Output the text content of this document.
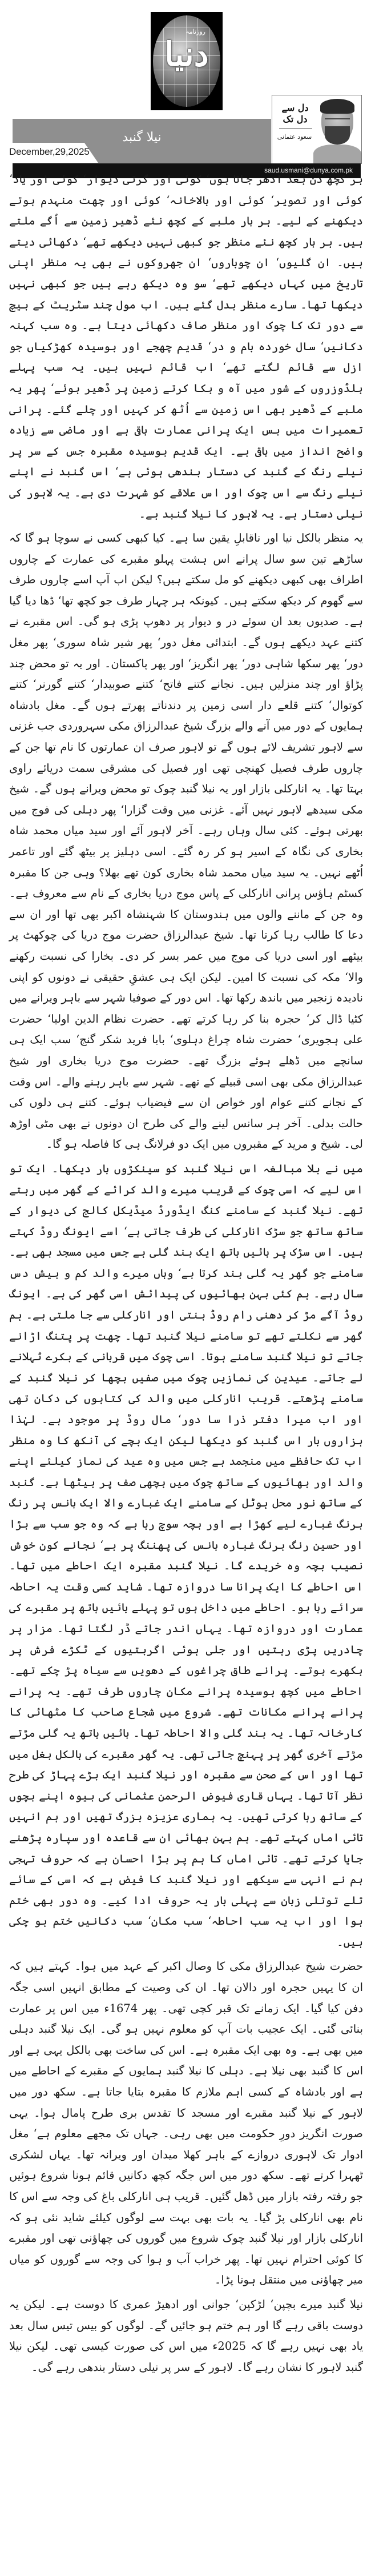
روزنامہ
دنیا
نیلا گنبد
December,29,2025
دل سے دل تک
سعود عثمانی
saud.usmani@dunya.com.pk

ہر کچھ دن بعد ادھر جاتا ہوں‘ کوئی اور گرتی دیوار‘ کوئی اور یاد‘ کوئی اور تصویر‘ کوئی اور بالاخانہ‘ کوئی اور چھت منہدم ہوتے دیکھنے کے لیے۔ ہر بار ملبے کے کچھ نئے ڈھیر زمین سے اُگے ملتے ہیں۔ ہر بار کچھ نئے منظر جو کبھی نہیں دیکھے تھے‘ دکھائی دیتے ہیں۔ ان گلیوں‘ ان چوباروں‘ ان جھروکوں نے بھی یہ منظر اپنی تاریخ میں کہاں دیکھے تھے‘ سو وہ دیکھ رہے ہیں جو کبھی نہیں دیکھا تھا۔ سارے منظر بدل گئے ہیں۔ اب مول چند سٹریٹ کے بیچ سے دور تک کا چوک اور منظر صاف دکھائی دیتا ہے۔ وہ سب کہنہ دکانیں‘ سال خوردہ بام و در‘ قدیم چھجے اور بوسیدہ کھڑکیاں جو ازل سے قائم لگتے تھے‘ اب قائم نہیں ہیں۔ یہ سب پہلے بلڈوزروں کے شور میں آہ و بکا کرتے زمین پر ڈھیر ہوئے‘ پھر یہ ملبے کے ڈھیر بھی اس زمین سے اُٹھ کر کہیں اور چلے گئے۔ پرانی تعمیرات میں بس ایک پرانی عمارت باقی ہے اور ماضی سے زیادہ واضح انداز میں باقی ہے۔ ایک قدیم بوسیدہ مقبرہ جس کے سر پر نیلے رنگ کے گنبد کی دستار بندھی ہوئی ہے‘ اس گنبد نے اپنے نیلے رنگ سے اس چوک اور اس علاقے کو شہرت دی ہے۔ یہ لاہور کی نیلی دستار ہے۔ یہ لاہور کا نیلا گنبد ہے۔

یہ منظر بالکل نیا اور ناقابلِ یقین سا ہے۔ کیا کبھی کسی نے سوچا ہو گا کہ ساڑھے تین سو سال پرانے اس ہشت پہلو مقبرے کی عمارت کے چاروں اطراف بھی کبھی دیکھنے کو مل سکتے ہیں؟ لیکن اب آپ اسے چاروں طرف سے گھوم کر دیکھ سکتے ہیں۔ کیونکہ ہر چہار طرف جو کچھ تھا‘ ڈھا دیا گیا ہے۔ صدیوں بعد ان سوئے در و دیوار پر دھوپ پڑی ہو گی۔ اس مقبرے نے کتنے عہد دیکھے ہوں گے۔ ابتدائی مغل دور‘ پھر شیر شاہ سوری‘ پھر مغل دور‘ پھر سکھا شاہی دور‘ پھر انگریز‘ اور پھر پاکستان۔ اور یہ تو محض چند پڑاؤ اور چند منزلیں ہیں۔ نجانے کتنے فاتح‘ کتنے صوبیدار‘ کتنے گورنر‘ کتنے کوتوال‘ کتنے قلعے دار اسی زمین پر دندناتے پھرتے ہوں گے۔ مغل بادشاہ ہمایوں کے دور میں آنے والے بزرگ شیخ عبدالرزاق مکی سہروردی جب غزنی سے لاہور تشریف لائے ہوں گے تو لاہور صرف ان عمارتوں کا نام تھا جن کے چاروں طرف فصیل کھنچی تھی اور فصیل کی مشرقی سمت دریائے راوی بہتا تھا۔ یہ انارکلی بازار اور یہ نیلا گنبد چوک تو محض ویرانے ہوں گے۔ شیخ مکی سیدھے لاہور نہیں آئے۔ غزنی میں وقت گزارا‘ پھر دہلی کی فوج میں بھرتی ہوئے۔ کئی سال وہاں رہے۔ آخر لاہور آئے اور سید میاں محمد شاہ بخاری کی نگاہ کے اسیر ہو کر رہ گئے۔ اسی دہلیز پر بیٹھ گئے اور تاعمر اُٹھے نہیں۔ یہ سید میاں محمد شاہ بخاری کون تھے بھلا؟ وہی جن کا مقبرہ کسٹم ہاؤس پرانی انارکلی کے پاس موج دریا بخاری کے نام سے معروف ہے۔ وہ جن کے ماننے والوں میں ہندوستان کا شہنشاہ اکبر بھی تھا اور ان سے دعا کا طالب رہا کرتا تھا۔ شیخ عبدالرزاق حضرت موج دریا کی چوکھٹ پر بیٹھے اور اسی دریا کی موج میں عمر بسر کر دی۔ بخارا کی نسبت رکھنے والا‘ مکہ کی نسبت کا امین۔ لیکن ایک ہی عشقِ حقیقی نے دونوں کو اپنی نادیدہ زنجیر میں باندھ رکھا تھا۔ اس دور کے صوفیا شہر سے باہر ویرانے میں کٹیا ڈال کر‘ حجرہ بنا کر رہا کرتے تھے۔ حضرت نظام الدین اولیا‘ حضرت علی ہجویری‘ حضرت شاہ چراغ دہلوی‘ بابا فرید شکر گنج‘ سب ایک ہی سانچے میں ڈھلے ہوئے بزرگ تھے۔ حضرت موج دریا بخاری اور شیخ عبدالرزاق مکی بھی اسی قبیلے کے تھے۔ شہر سے باہر رہنے والے۔ اس وقت کے نجانے کتنے عوام اور خواص ان سے فیضیاب ہوئے۔ کتنے ہی دلوں کی حالت بدلی۔ آخر ہر سانس لینے والے کی طرح ان دونوں نے بھی مٹی اوڑھ لی۔ شیخ و مرید کے مقبروں میں ایک دو فرلانگ ہی کا فاصلہ ہو گا۔

میں نے بلا مبالغہ اس نیلا گنبد کو سینکڑوں بار دیکھا۔ ایک تو اس لیے کہ اسی چوک کے قریب میرے والد کرائے کے گھر میں رہتے تھے۔ نیلا گنبد کے سامنے کنگ ایڈورڈ میڈیکل کالج کی دیوار کے ساتھ ساتھ جو سڑک انارکلی کی طرف جاتی ہے‘ اسے ایونگ روڈ کہتے ہیں۔ اس سڑک پر بائیں ہاتھ ایک بند گلی ہے جس میں مسجد بھی ہے۔ سامنے جو گھر یہ گلی بند کرتا ہے‘ وہاں میرے والد کم و بیش دس سال رہے۔ ہم کئی بہن بھائیوں کی پیدائش اسی گھر کی ہے۔ ایونگ روڈ آگے مڑ کر دھنی رام روڈ بنتی اور انارکلی سے جا ملتی ہے۔ ہم گھر سے نکلتے تھے تو سامنے نیلا گنبد تھا۔ چھت پر پتنگ اڑانے جاتے تو نیلا گنبد سامنے ہوتا۔ اسی چوک میں قربانی کے بکرے ٹہلانے لے جاتے۔ عیدین کی نمازیں چوک میں صفیں بچھا کر نیلا گنبد کے سامنے پڑھتے۔ قریب انارکلی میں والد کی کتابوں کی دکان تھی اور اب میرا دفتر ذرا سا دور‘ مال روڈ پر موجود ہے۔ لہٰذا ہزاروں بار اس گنبد کو دیکھا لیکن ایک بچے کی آنکھ کا وہ منظر اب تک حافظے میں منجمد ہے جس میں وہ عید کی نماز کیلئے اپنے والد اور بھائیوں کے ساتھ چوک میں بچھی صف پر بیٹھا ہے۔ گنبد کے ساتھ نور محل ہوٹل کے سامنے ایک غبارے والا ایک بانس پر رنگ برنگ غبارے لیے کھڑا ہے اور بچہ سوچ رہا ہے کہ وہ جو سب سے بڑا اور حسین رنگ برنگ غبارہ بانس کی پھننگ پر ہے‘ نجانے کون خوش نصیب بچہ وہ خریدے گا۔ نیلا گنبد مقبرہ ایک احاطے میں تھا۔ اس احاطے کا ایک پرانا سا دروازہ تھا۔ شاید کسی وقت یہ احاطہ سرائے رہا ہو۔ احاطے میں داخل ہوں تو پہلے بائیں ہاتھ پر مقبرے کی عمارت اور دروازہ تھا۔ یہاں اندر جاتے ڈر لگتا تھا۔ مزار پر چادریں پڑی رہتیں اور جلی ہوئی اگربتیوں کے ٹکڑے فرش پر بکھرے ہوتے۔ پرانے طاق چراغوں کے دھویں سے سیاہ پڑ چکے تھے۔ احاطے میں کچھ بوسیدہ پرانے مکان چاروں طرف تھے۔ یہ پرانے پرانے پرانے مکانات تھے۔ شروع میں شجاع صاحب کا مٹھائی کا کارخانہ تھا۔ یہ بند گلی والا احاطہ تھا۔ بائیں ہاتھ یہ گلی مڑتے مڑتے آخری گھر پر پہنچ جاتی تھی۔ یہ گھر مقبرے کی بالکل بغل میں تھا اور اس کے صحن سے مقبرہ اور نیلا گنبد ایک بڑے پہاڑ کی طرح نظر آتا تھا۔ یہاں قاری فیوض الرحمن عثمانی کی بیوہ اپنے بچوں کے ساتھ رہا کرتی تھیں۔ یہ ہماری عزیزہ بزرگ تھیں اور ہم انہیں تائی اماں کہتے تھے۔ ہم بہن بھائی ان سے قاعدہ اور سپارہ پڑھنے جایا کرتے تھے۔ تائی اماں کا ہم پر بڑا احسان ہے کہ حروف تہجی ہم نے انہی سے سیکھے اور نیلا گنبد کا فیض ہے کہ اسی کے سائے تلے توتلی زبان سے پہلی بار یہ حروف ادا کیے۔ وہ دور بھی ختم ہوا اور اب یہ سب احاطہ‘ سب مکان‘ سب دکانیں ختم ہو چکی ہیں۔

حضرت شیخ عبدالرزاق مکی کا وصال اکبر کے عہد میں ہوا۔ کہتے ہیں کہ ان کا یہیں حجرہ اور دالان تھا۔ ان کی وصیت کے مطابق انہیں اسی جگہ دفن کیا گیا۔ ایک زمانے تک قبر کچی تھی۔ پھر 1674ء میں اس پر عمارت بنائی گئی۔ ایک عجیب بات آپ کو معلوم نہیں ہو گی۔ ایک نیلا گنبد دہلی میں بھی ہے۔ وہ بھی ایک مقبرہ ہے۔ اس کی ساخت بھی بالکل یہی ہے اور اس کا گنبد بھی نیلا ہے۔ دہلی کا نیلا گنبد ہمایوں کے مقبرے کے احاطے میں ہے اور بادشاہ کے کسی اہم ملازم کا مقبرہ بتایا جاتا ہے۔ سکھ دور میں لاہور کے نیلا گنبد مقبرے اور مسجد کا تقدس بری طرح پامال ہوا۔ یہی صورت انگریز دورِ حکومت میں بھی رہی۔ جہاں تک مجھے معلوم ہے‘ مغل ادوار تک لاہوری دروازے کے باہر کھلا میدان اور ویرانہ تھا۔ یہاں لشکری ٹھہرا کرتے تھے۔ سکھ دور میں اس جگہ کچھ دکانیں قائم ہونا شروع ہوئیں جو رفتہ رفتہ بازار میں ڈھل گئیں۔ قریب ہی انارکلی باغ کی وجہ سے اس کا نام بھی انارکلی پڑ گیا۔ یہ بات بھی بہت سے لوگوں کیلئے شاید نئی ہو کہ انارکلی بازار اور نیلا گنبد چوک شروع میں گوروں کی چھاؤنی تھی اور مقبرے کا کوئی احترام نہیں تھا۔ پھر خراب آب و ہوا کی وجہ سے گوروں کو میاں میر چھاؤنی میں منتقل ہونا پڑا۔

نیلا گنبد میرے بچپن‘ لڑکپن‘ جوانی اور ادھیڑ عمری کا دوست ہے۔ لیکن یہ دوست باقی رہے گا اور ہم ختم ہو جائیں گے۔ لوگوں کو بیس تیس سال بعد یاد بھی نہیں رہے گا کہ 2025ء میں اس کی صورت کیسی تھی۔ لیکن نیلا گنبد لاہور کا نشان رہے گا۔ لاہور کے سر پر نیلی دستار بندھی رہے گی۔
